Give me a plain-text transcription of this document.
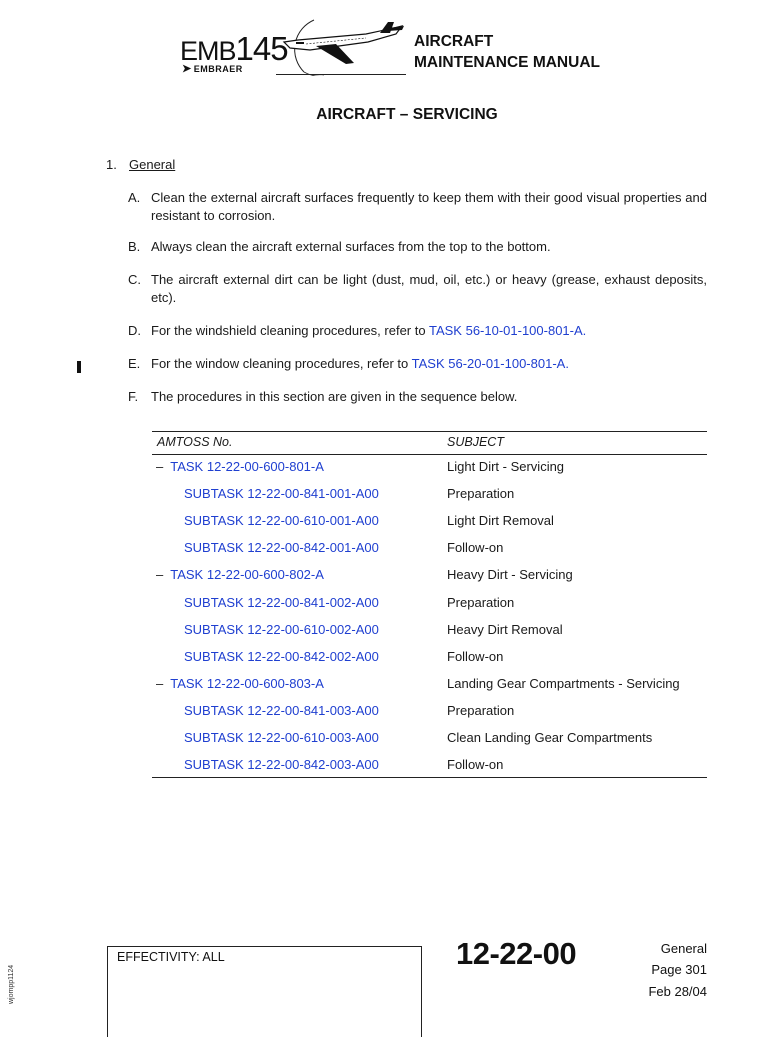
EMB145
➤ EMBRAER
AIRCRAFT
MAINTENANCE MANUAL
AIRCRAFT – SERVICING
1. General
A. Clean the external aircraft surfaces frequently to keep them with their good visual properties and resistant to corrosion.
B. Always clean the aircraft external surfaces from the top to the bottom.
C. The aircraft external dirt can be light (dust, mud, oil, etc.) or heavy (grease, exhaust deposits, etc).
D. For the windshield cleaning procedures, refer to TASK 56-10-01-100-801-A.
E. For the window cleaning procedures, refer to TASK 56-20-01-100-801-A.
F. The procedures in this section are given in the sequence below.
AMTOSS No.	SUBJECT
– TASK 12-22-00-600-801-A	Light Dirt - Servicing
SUBTASK 12-22-00-841-001-A00	Preparation
SUBTASK 12-22-00-610-001-A00	Light Dirt Removal
SUBTASK 12-22-00-842-001-A00	Follow-on
– TASK 12-22-00-600-802-A	Heavy Dirt - Servicing
SUBTASK 12-22-00-841-002-A00	Preparation
SUBTASK 12-22-00-610-002-A00	Heavy Dirt Removal
SUBTASK 12-22-00-842-002-A00	Follow-on
– TASK 12-22-00-600-803-A	Landing Gear Compartments - Servicing
SUBTASK 12-22-00-841-003-A00	Preparation
SUBTASK 12-22-00-610-003-A00	Clean Landing Gear Compartments
SUBTASK 12-22-00-842-003-A00	Follow-on
EFFECTIVITY: ALL	12-22-00	General
Page 301
Feb 28/04
wjompp1124
